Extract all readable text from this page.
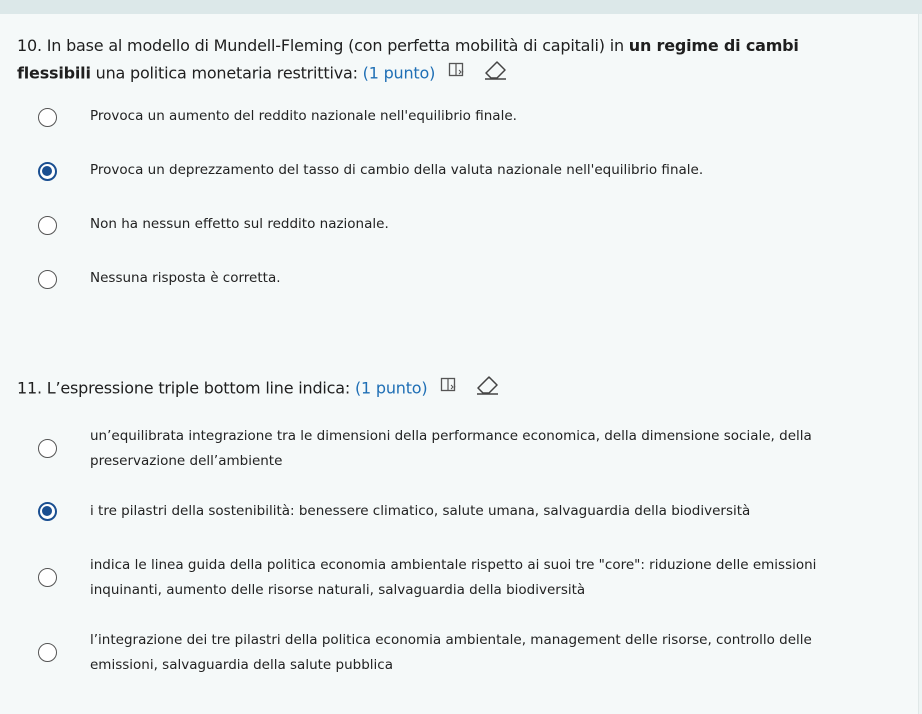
10. In base al modello di Mundell-Fleming (con perfetta mobilità di capitali) in un regime di cambi
flessibili una politica monetaria restrittiva: (1 punto)
Provoca un aumento del reddito nazionale nell'equilibrio finale.
Provoca un deprezzamento del tasso di cambio della valuta nazionale nell'equilibrio finale.
Non ha nessun effetto sul reddito nazionale.
Nessuna risposta è corretta.
11. L’espressione triple bottom line indica: (1 punto)
un’equilibrata integrazione tra le dimensioni della performance economica, della dimensione sociale, della
preservazione dell’ambiente
i tre pilastri della sostenibilità: benessere climatico, salute umana, salvaguardia della biodiversità
indica le linea guida della politica economia ambientale rispetto ai suoi tre "core": riduzione delle emissioni
inquinanti, aumento delle risorse naturali, salvaguardia della biodiversità
l’integrazione dei tre pilastri della politica economia ambientale, management delle risorse, controllo delle
emissioni, salvaguardia della salute pubblica
